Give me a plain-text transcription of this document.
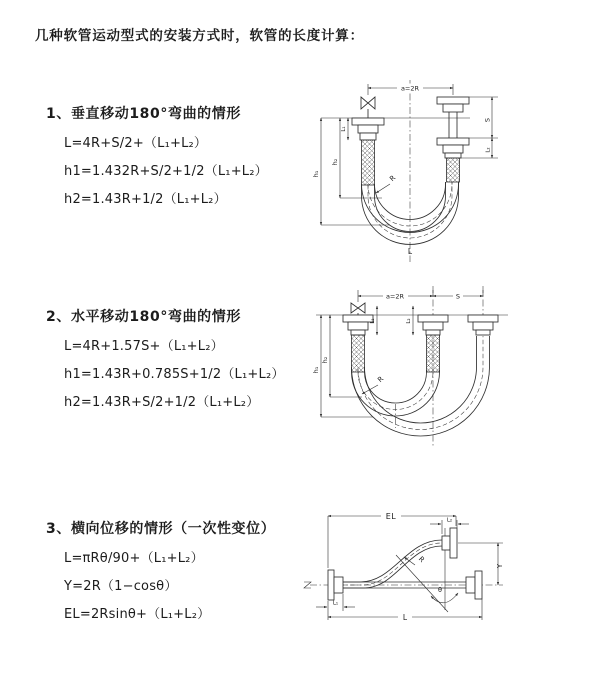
几种软管运动型式的安装方式时，软管的长度计算：
1、垂直移动180°弯曲的情形
L=4R+S/2+（L₁+L₂）
h1=1.432R+S/2+1/2（L₁+L₂）
h2=1.43R+1/2（L₁+L₂）
2、水平移动180°弯曲的情形
L=4R+1.57S+（L₁+L₂）
h1=1.43R+0.785S+1/2（L₁+L₂）
h2=1.43R+S/2+1/2（L₁+L₂）
3、横向位移的情形（一次性变位）
L=πRθ/90+（L₁+L₂）
Y=2R（1−cosθ）
EL=2Rsinθ+（L₁+L₂）
a=2R
S
L₂
L₁
h₁
h₂
R
L
a=2R	S
L₁	L₂
h₁
h₂
R
EL	L₂
Y
R
θ
L
L₁
